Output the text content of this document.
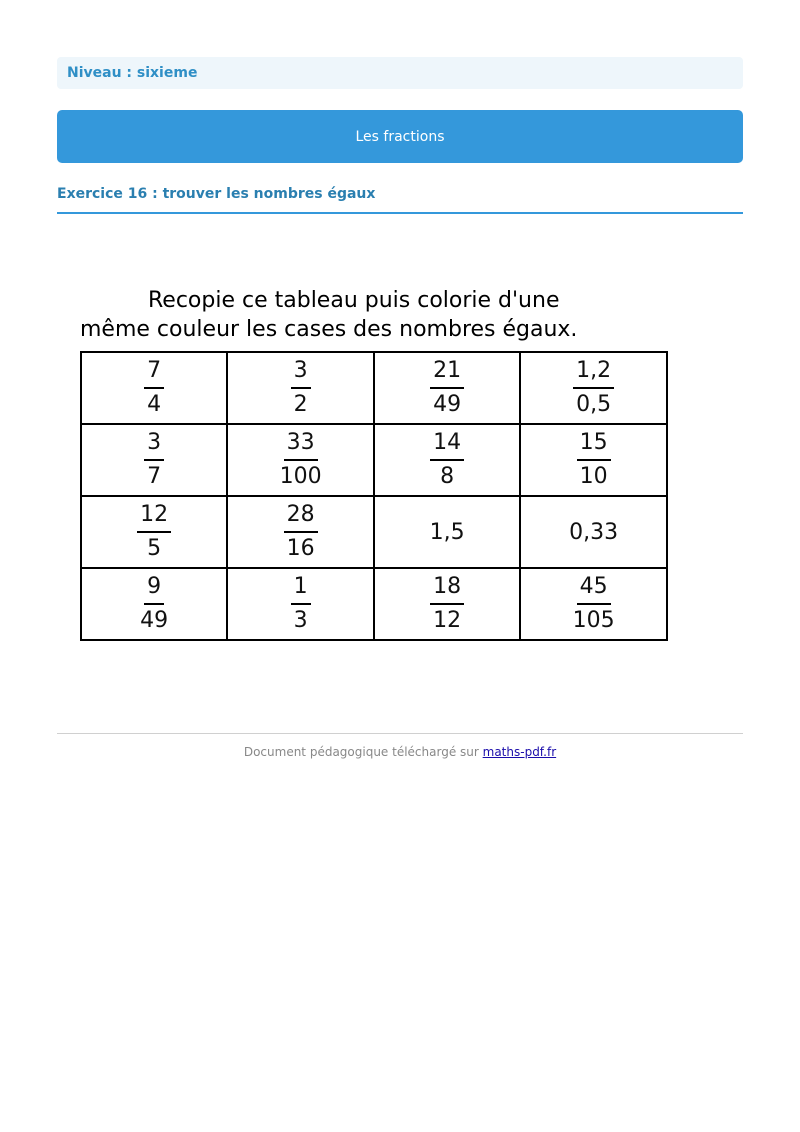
Niveau : sixieme
Les fractions
Exercice 16 : trouver les nombres égaux
Recopie ce tableau puis colorie d'une
même couleur les cases des nombres égaux.
$\frac{7}{4}$	$\frac{3}{2}$	$\frac{21}{49}$	$\frac{1,2}{0,5}$

$\frac{3}{7}$	$\frac{33}{100}$	$\frac{14}{8}$	$\frac{15}{10}$

$\frac{12}{5}$	$\frac{28}{16}$	1,5	0,33

$\frac{9}{49}$	$\frac{1}{3}$	$\frac{18}{12}$	$\frac{45}{105}$
Document pédagogique téléchargé sur maths-pdf.fr
